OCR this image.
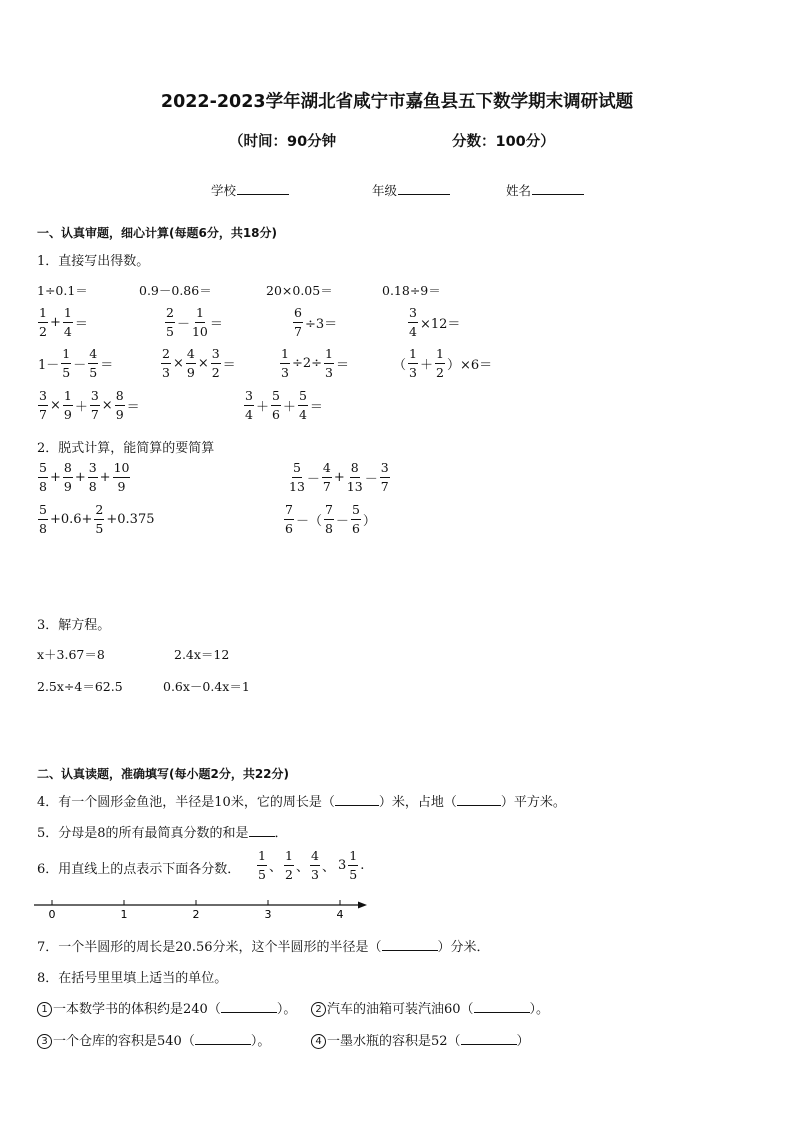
2022-2023学年湖北省咸宁市嘉鱼县五下数学期末调研试题
（时间：90分钟	分数：100分）
学校	年级	姓名
一、认真审题，细心计算(每题6分，共18分)
1．直接写出得数。
1÷0.1＝	0.9－0.86＝	20×0.05＝	0.18÷9＝
$\frac{1}{2} + \frac{1}{4}$ ＝	$\frac{2}{5} - \frac{1}{10}$ ＝	$\frac{6}{7} \div 3=$	$\frac{3}{4} \times 12=$
$1- \frac{1}{5} - \frac{4}{5}$ ＝	$\frac{2}{3} \times \frac{4}{9} \times \frac{3}{2}$ ＝	$\frac{1}{3} \div 2\div \frac{1}{3}$ ＝	（ $\frac{1}{3} + \frac{1}{2} )\times 6=$
$\frac{3}{7} \times \frac{1}{9} + \frac{3}{7} \times \frac{8}{9}$ ＝	$\frac{3}{4} + \frac{5}{6} + \frac{5}{4}$ ＝
2．脱式计算，能简算的要简算
$\frac{5}{8} + \frac{8}{9} + \frac{3}{8} + \frac{10}{9}$	$\frac{5}{13} - \frac{4}{7} + \frac{8}{13} - \frac{3}{7}$
$\frac{5}{8} +0.6+ \frac{2}{5} +0.375$	$\frac{7}{6}$ －（ $\frac{7}{8} - \frac{5}{6}$ ）
3．解方程。
x＋3.67＝8	2.4x＝12
2.5x÷4＝62.5	0.6x－0.4x＝1
二、认真读题，准确填写(每小题2分，共22分)
4．有一个圆形金鱼池，半径是10米，它的周长是（	）米，占地（	）平方米。
5．分母是8的所有最简真分数的和是 ．
6．用直线上的点表示下面各分数． $\frac{1}{5}$ 、 $\frac{1}{2}$ 、 $\frac{4}{3}$ 、 $3 \frac{1}{5}$ .
0	1	2	3	4
7．一个半圆形的周长是20.56分米，这个半圆形的半径是（	）分米．
8．在括号里里填上适当的单位。
1 一本数学书的体积约是240（	）。	2 汽车的油箱可装汽油60（	）。
3 一个仓库的容积是540（	）。	4 一墨水瓶的容积是52（	）
